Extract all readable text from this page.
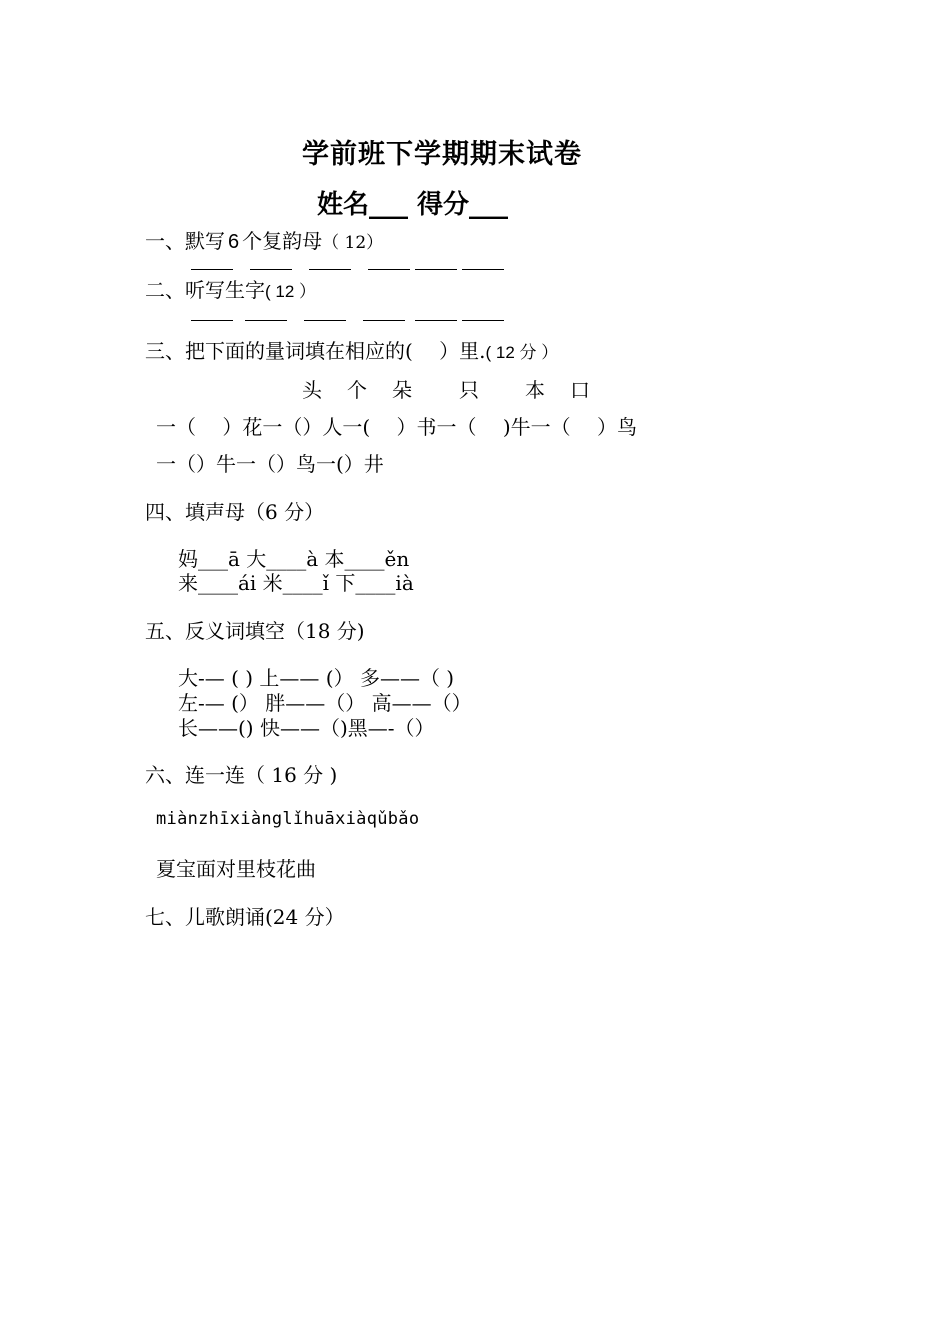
学前班下学期期末试卷
姓名___ 得分___
一、默写 6 个复韵母（ 12）
二、听写生字( 12 ）
三、把下面的量词填在相应的(　 ）里.( 12 分 ）
头 个 朵 只 本 口
一（　 ）花一（）人一(　 ）书一（　 )牛一（　 ）鸟
一（）牛一（）鸟一(）井
四、填声母（6 分）
妈___ā 大____à 本____ěn
来____ái 米____ǐ 下____ià
五、反义词填空（18 分)
大-— ( ) 上—— (） 多——（ )
左-— (） 胖——（） 高——（）
长——() 快——（)黑—-（）
六、连一连（ 16 分 )
miànzhīxiànglǐhuāxiàqǔbǎo
夏宝面对里枝花曲
七、儿歌朗诵(24 分）
